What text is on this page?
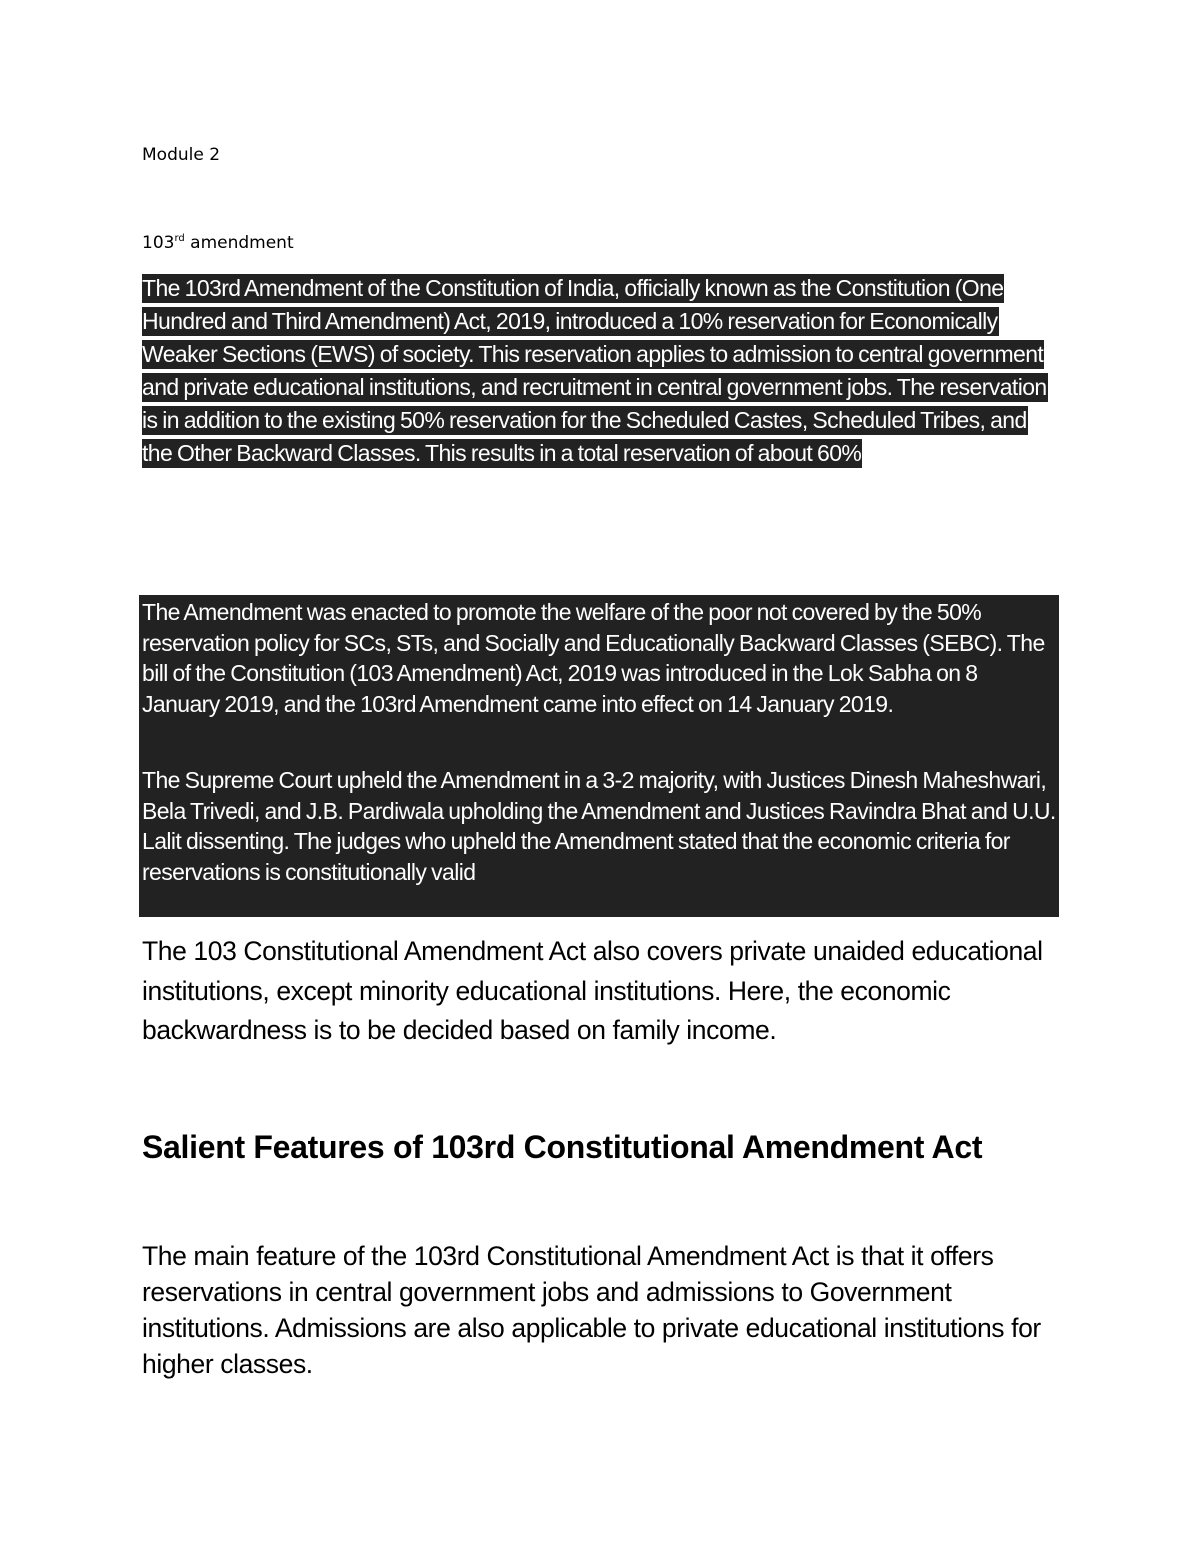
Module 2
103rd amendment
The 103rd Amendment of the Constitution of India, officially known as the Constitution (One Hundred and Third Amendment) Act, 2019, introduced a 10% reservation for Economically Weaker Sections (EWS) of society. This reservation applies to admission to central government and private educational institutions, and recruitment in central government jobs. The reservation is in addition to the existing 50% reservation for the Scheduled Castes, Scheduled Tribes, and the Other Backward Classes. This results in a total reservation of about 60%

The Amendment was enacted to promote the welfare of the poor not covered by the 50% reservation policy for SCs, STs, and Socially and Educationally Backward Classes (SEBC). The bill of the Constitution (103 Amendment) Act, 2019 was introduced in the Lok Sabha on 8 January 2019, and the 103rd Amendment came into effect on 14 January 2019.

The Supreme Court upheld the Amendment in a 3-2 majority, with Justices Dinesh Maheshwari, Bela Trivedi, and J.B. Pardiwala upholding the Amendment and Justices Ravindra Bhat and U.U. Lalit dissenting. The judges who upheld the Amendment stated that the economic criteria for reservations is constitutionally valid

The 103 Constitutional Amendment Act also covers private unaided educational institutions, except minority educational institutions. Here, the economic backwardness is to be decided based on family income.

Salient Features of 103rd Constitutional Amendment Act

The main feature of the 103rd Constitutional Amendment Act is that it offers reservations in central government jobs and admissions to Government institutions. Admissions are also applicable to private educational institutions for higher classes.
